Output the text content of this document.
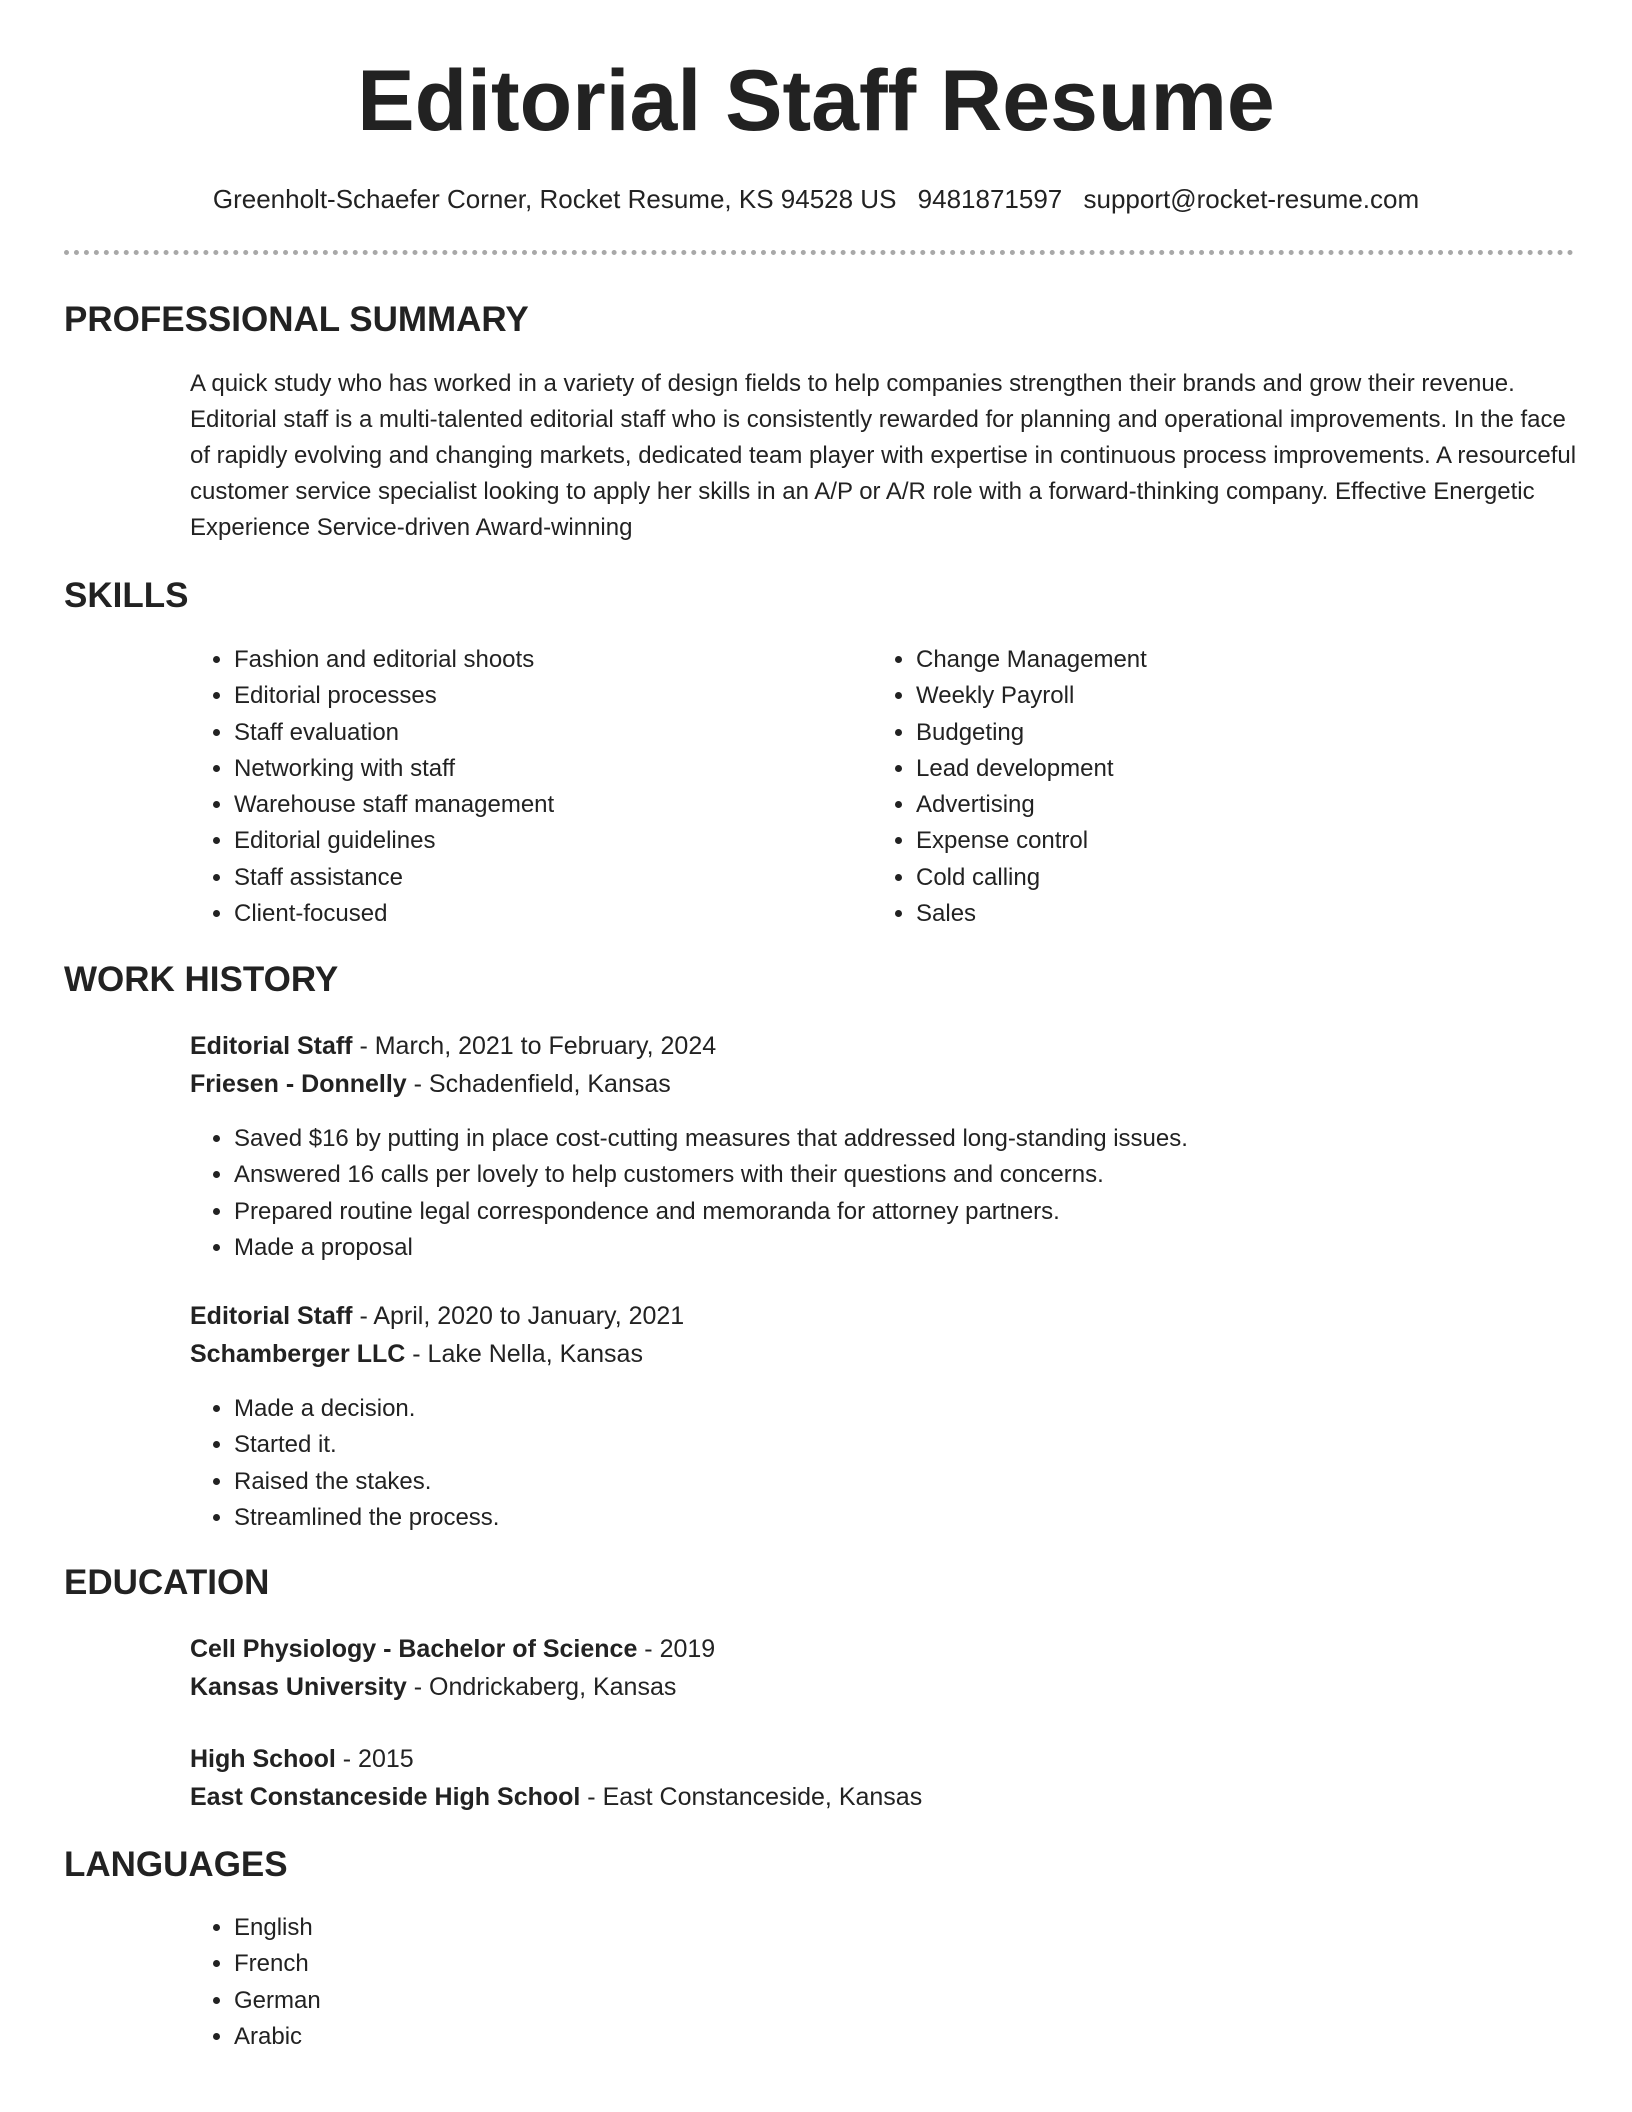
Editorial Staff Resume
Greenholt-Schaefer Corner, Rocket Resume, KS 94528 US 9481871597 support@rocket-resume.com
PROFESSIONAL SUMMARY

A quick study who has worked in a variety of design fields to help companies strengthen their brands and grow their revenue. Editorial staff is a multi-talented editorial staff who is consistently rewarded for planning and operational improvements. In the face of rapidly evolving and changing markets, dedicated team player with expertise in continuous process improvements. A resourceful customer service specialist looking to apply her skills in an A/P or A/R role with a forward-thinking company. Effective Energetic Experience Service-driven Award-winning

SKILLS
• Fashion and editorial shoots
• Editorial processes
• Staff evaluation
• Networking with staff
• Warehouse staff management
• Editorial guidelines
• Staff assistance
• Client-focused
• Change Management
• Weekly Payroll
• Budgeting
• Lead development
• Advertising
• Expense control
• Cold calling
• Sales
WORK HISTORY
Editorial Staff - March, 2021 to February, 2024
Friesen - Donnelly - Schadenfield, Kansas
• Saved $16 by putting in place cost-cutting measures that addressed long-standing issues.
• Answered 16 calls per lovely to help customers with their questions and concerns.
• Prepared routine legal correspondence and memoranda for attorney partners.
• Made a proposal
Editorial Staff - April, 2020 to January, 2021
Schamberger LLC - Lake Nella, Kansas
• Made a decision.
• Started it.
• Raised the stakes.
• Streamlined the process.
EDUCATION
Cell Physiology - Bachelor of Science - 2019
Kansas University - Ondrickaberg, Kansas
High School - 2015
East Constanceside High School - East Constanceside, Kansas
LANGUAGES
• English
• French
• German
• Arabic
